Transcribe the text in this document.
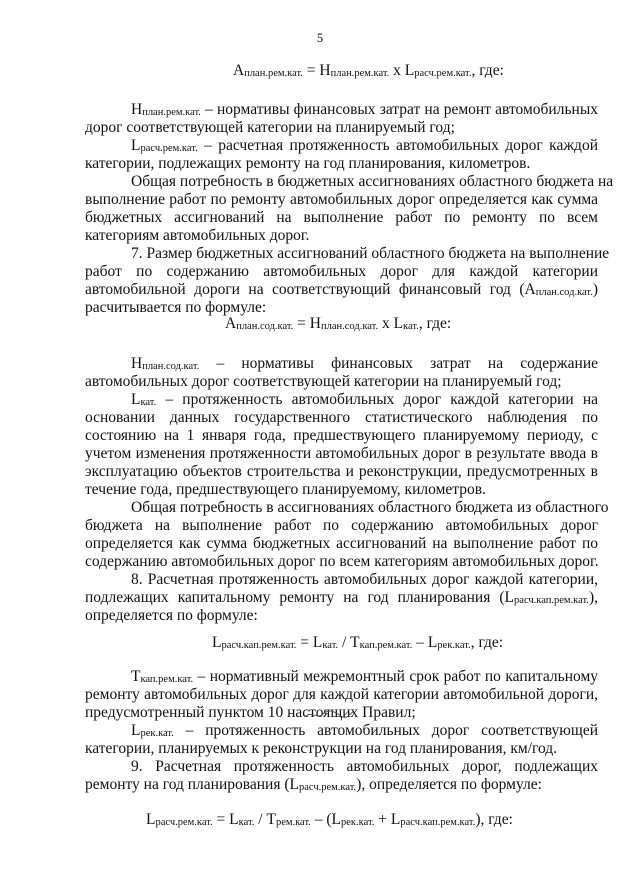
5
$А_{план.рем.кат.} = Н_{план.рем.кат.}$ x $L_{расч.рем.кат.}$, где:
$Н_{план.рем.кат.}$ – нормативы финансовых затрат на ремонт автомобильных
дорог соответствующей категории на планируемый год;
$L_{расч.рем.кат.}$ – расчетная протяженность автомобильных дорог каждой
категории, подлежащих ремонту на год планирования, километров.
Общая потребность в бюджетных ассигнованиях областного бюджета на
выполнение работ по ремонту автомобильных дорог определяется как сумма
бюджетных ассигнований на выполнение работ по ремонту по всем
категориям автомобильных дорог.
7. Размер бюджетных ассигнований областного бюджета на выполнение
работ по содержанию автомобильных дорог для каждой категории
автомобильной дороги на соответствующий финансовый год $(А_{план.сод.кат.})$
расчитывается по формуле:
$А_{план.сод.кат.} = Н_{план.сод.кат.}$ x $L_{кат.}$, где:
$Н_{план.сод.кат.}$ – нормативы финансовых затрат на содержание
автомобильных дорог соответствующей категории на планируемый год;
$L_{кат.}$ – протяженность автомобильных дорог каждой категории на
основании данных государственного статистического наблюдения по
состоянию на 1 января года, предшествующего планируемому периоду, с
учетом изменения протяженности автомобильных дорог в результате ввода в
эксплуатацию объектов строительства и реконструкции, предусмотренных в
течение года, предшествующего планируемому, километров.
Общая потребность в ассигнованиях областного бюджета из областного
бюджета на выполнение работ по содержанию автомобильных дорог
определяется как сумма бюджетных ассигнований на выполнение работ по
содержанию автомобильных дорог по всем категориям автомобильных дорог.
8. Расчетная протяженность автомобильных дорог каждой категории,
подлежащих капитальному ремонту на год планирования $(L_{расч.кап.рем.кат.})$,
определяется по формуле:
$L_{расч.кап.рем.кат.} = L_{кат.} / T_{кап.рем.кат.} - L_{рек.кат.}$, где:
$T_{кап.рем.кат.}$ – нормативный межремонтный срок работ по капитальному
ремонту автомобильных дорог для каждой категории автомобильной дороги,
предусмотренный пунктом 10 настоящих Правил;
$L_{рек.кат.}$ – протяженность автомобильных дорог соответствующей
категории, планируемых к реконструкции на год планирования, км/год.
9. Расчетная протяженность автомобильных дорог, подлежащих
ремонту на год планирования $(L_{расч.рем.кат.})$, определяется по формуле:
$L_{расч.рем.кат.} = L_{кат.} / T_{рем.кат.} - (L_{рек.кат.} + L_{расч.кап.рем.кат.})$, где:
